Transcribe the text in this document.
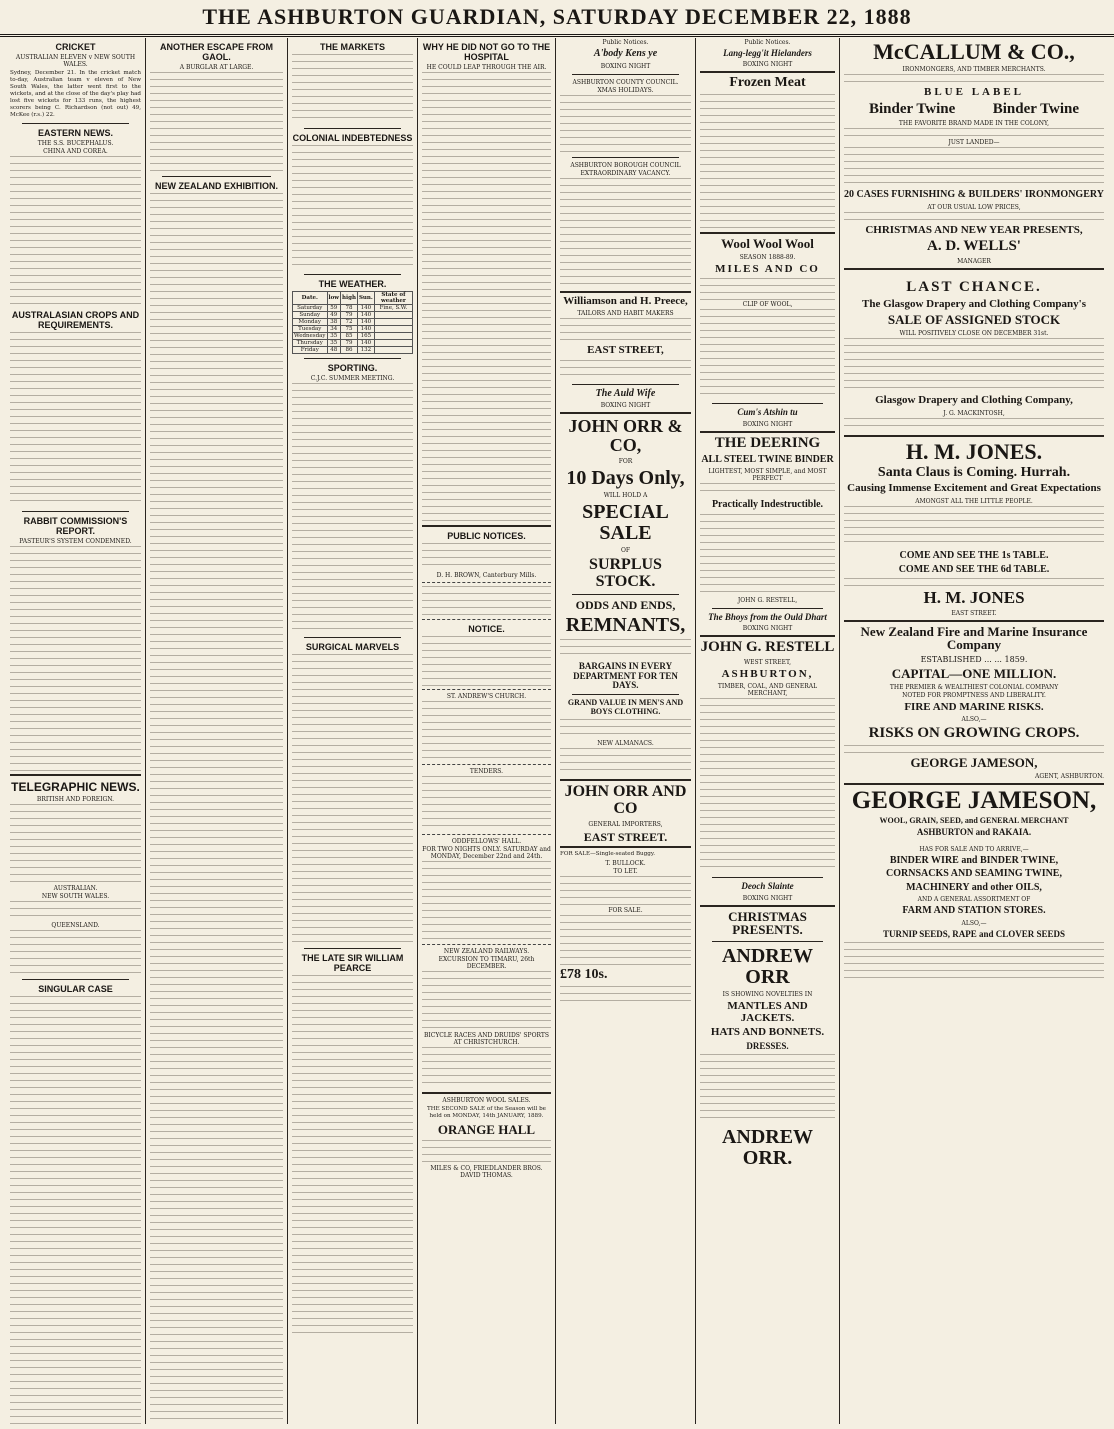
THE ASHBURTON GUARDIAN, SATURDAY DECEMBER 22, 1888
CRICKET
AUSTRALIAN ELEVEN v NEW SOUTH WALES.
Sydney, December 21. In the cricket match to-day, Australian team v eleven of New South Wales, the latter went first to the wickets, and at the close of the day's play had lost five wickets for 133 runs, the highest scorers being C. Richardson (not out) 49, McKee (r.s.) 22.
EASTERN NEWS.
THE S.S. BUCEPHALUS.
CHINA AND COREA.
AUSTRALASIAN CROPS AND REQUIREMENTS.
RABBIT COMMISSION'S REPORT.
PASTEUR'S SYSTEM CONDEMNED.
TELEGRAPHIC NEWS.
BRITISH AND FOREIGN.
AUSTRALIAN.
NEW SOUTH WALES.
QUEENSLAND.
SINGULAR CASE
ANOTHER ESCAPE FROM GAOL.
A BURGLAR AT LARGE.
NEW ZEALAND EXHIBITION.
THE MARKETS
COLONIAL INDEBTEDNESS
THE WEATHER.
Date.	low	high	Sun.	State of weather
Saturday	59	78	140	Fine, S.W.
Sunday	49	79	140	
Monday	38	72	140	
Tuesday	34	75	140	
Wednesday	35	85	165	
Thursday	35	79	140	
Friday	48	86	132	
SPORTING.
C.J.C. SUMMER MEETING.
SURGICAL MARVELS
THE LATE SIR WILLIAM PEARCE
WHY HE DID NOT GO TO THE HOSPITAL
HE COULD LEAP THROUGH THE AIR.
PUBLIC NOTICES.
D. H. BROWN, Canterbury Mills.
NOTICE.
ST. ANDREW'S CHURCH.
TENDERS.
ODDFELLOWS' HALL.
FOR TWO NIGHTS ONLY. SATURDAY and MONDAY, December 22nd and 24th.
NEW ZEALAND RAILWAYS.
EXCURSION TO TIMARU, 26th DECEMBER.
BICYCLE RACES AND DRUIDS' SPORTS AT CHRISTCHURCH.
ASHBURTON WOOL SALES.
THE SECOND SALE of the Season will be held on MONDAY, 14th JANUARY, 1889.
ORANGE HALL
MILES & CO, FRIEDLANDER BROS. DAVID THOMAS.
Public Notices.
A'body Kens ye
BOXING NIGHT
ASHBURTON COUNTY COUNCIL.
XMAS HOLIDAYS.
ASHBURTON BOROUGH COUNCIL
EXTRAORDINARY VACANCY.
Williamson and H. Preece,
TAILORS AND HABIT MAKERS
EAST STREET,
The Auld Wife
BOXING NIGHT
JOHN ORR & CO,
FOR
10 Days Only,
WILL HOLD A
SPECIAL SALE
OF
SURPLUS STOCK.
ODDS AND ENDS,
REMNANTS,
BARGAINS IN EVERY DEPARTMENT FOR TEN DAYS.
GRAND VALUE IN MEN'S AND BOYS CLOTHING.
NEW ALMANACS.
JOHN ORR AND CO
GENERAL IMPORTERS,
EAST STREET.
FOR SALE—Single-seated Buggy.
T. BULLOCK.
TO LET.
FOR SALE.
£78 10s.
Public Notices.
Lang-legg'it Hielanders
BOXING NIGHT
Frozen Meat
Wool Wool Wool
SEASON 1888-89.
MILES AND CO
CLIP OF WOOL,
Cum's Atshin tu
BOXING NIGHT
THE DEERING
ALL STEEL TWINE BINDER
LIGHTEST, MOST SIMPLE, and MOST PERFECT
Practically Indestructible.
JOHN G. RESTELL,
The Bhoys from the Ould Dhart
BOXING NIGHT
JOHN G. RESTELL
WEST STREET,
ASHBURTON,
TIMBER, COAL, AND GENERAL MERCHANT,
Deoch Slainte
BOXING NIGHT
CHRISTMAS PRESENTS.
ANDREW ORR
IS SHOWING NOVELTIES IN
MANTLES AND JACKETS.
HATS AND BONNETS.
DRESSES.
ANDREW ORR.
McCALLUM & CO.,
IRONMONGERS, AND TIMBER MERCHANTS.
BLUE LABEL
Binder Twine          Binder Twine
THE FAVORITE BRAND MADE IN THE COLONY,
JUST LANDED—
20 CASES FURNISHING & BUILDERS' IRONMONGERY
AT OUR USUAL LOW PRICES,
CHRISTMAS AND NEW YEAR PRESENTS,
A. D. WELLS'
MANAGER
LAST CHANCE.
The Glasgow Drapery and Clothing Company's
SALE OF ASSIGNED STOCK
WILL POSITIVELY CLOSE ON DECEMBER 31st.
Glasgow Drapery and Clothing Company,
J. G. MACKINTOSH,
H. M. JONES.
Santa Claus is Coming. Hurrah.
Causing Immense Excitement and Great Expectations
AMONGST ALL THE LITTLE PEOPLE.
COME AND SEE THE 1s TABLE.
COME AND SEE THE 6d TABLE.
H. M. JONES
EAST STREET.
New Zealand Fire and Marine Insurance Company
ESTABLISHED ... ... 1859.
CAPITAL—ONE MILLION.
THE PREMIER & WEALTHIEST COLONIAL COMPANY
NOTED FOR PROMPTNESS AND LIBERALITY.
FIRE AND MARINE RISKS.
ALSO,—
RISKS ON GROWING CROPS.
GEORGE JAMESON,
AGENT, ASHBURTON.
GEORGE JAMESON,
WOOL, GRAIN, SEED, and GENERAL MERCHANT
ASHBURTON and RAKAIA.
HAS FOR SALE AND TO ARRIVE,—
BINDER WIRE and BINDER TWINE,
CORNSACKS AND SEAMING TWINE,
MACHINERY and other OILS,
AND A GENERAL ASSORTMENT OF
FARM AND STATION STORES.
ALSO,—
TURNIP SEEDS, RAPE and CLOVER SEEDS
